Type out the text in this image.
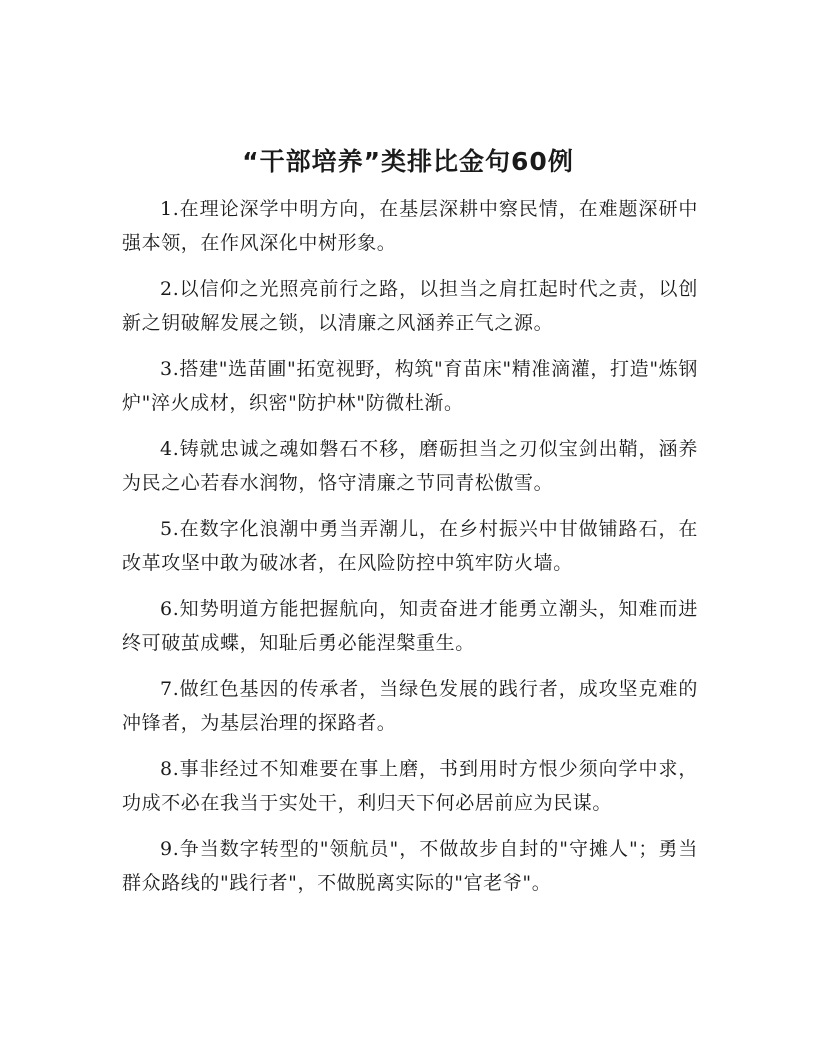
“干部培养”类排比金句60例

1.在理论深学中明方向，在基层深耕中察民情，在难题深研中强本领，在作风深化中树形象。

2.以信仰之光照亮前行之路，以担当之肩扛起时代之责，以创新之钥破解发展之锁，以清廉之风涵养正气之源。

3.搭建"选苗圃"拓宽视野，构筑"育苗床"精准滴灌，打造"炼钢炉"淬火成材，织密"防护林"防微杜渐。

4.铸就忠诚之魂如磐石不移，磨砺担当之刃似宝剑出鞘，涵养为民之心若春水润物，恪守清廉之节同青松傲雪。

5.在数字化浪潮中勇当弄潮儿，在乡村振兴中甘做铺路石，在改革攻坚中敢为破冰者，在风险防控中筑牢防火墙。

6.知势明道方能把握航向，知责奋进才能勇立潮头，知难而进终可破茧成蝶，知耻后勇必能涅槃重生。

7.做红色基因的传承者，当绿色发展的践行者，成攻坚克难的冲锋者，为基层治理的探路者。

8.事非经过不知难要在事上磨，书到用时方恨少须向学中求，功成不必在我当于实处干，利归天下何必居前应为民谋。

9.争当数字转型的"领航员"，不做故步自封的"守摊人"；勇当群众路线的"践行者"，不做脱离实际的"官老爷"。
